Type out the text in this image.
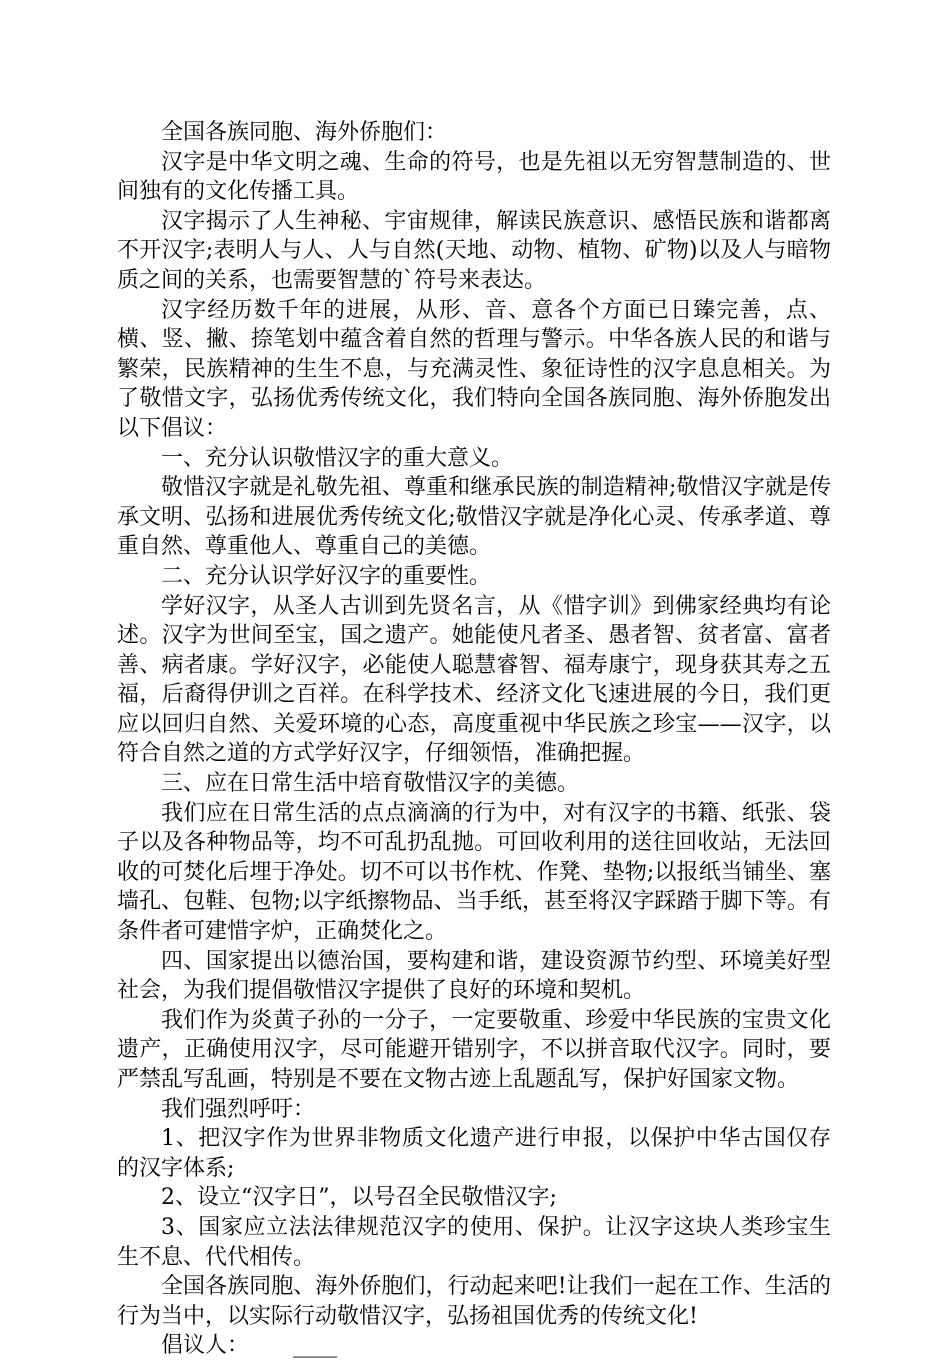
全国各族同胞、海外侨胞们：

汉字是中华文明之魂、生命的符号，也是先祖以无穷智慧制造的、世间独有的文化传播工具。

汉字揭示了人生神秘、宇宙规律，解读民族意识、感悟民族和谐都离不开汉字;表明人与人、人与自然(天地、动物、植物、矿物)以及人与暗物质之间的关系，也需要智慧的`符号来表达。

汉字经历数千年的进展，从形、音、意各个方面已日臻完善，点、横、竖、撇、捺笔划中蕴含着自然的哲理与警示。中华各族人民的和谐与繁荣，民族精神的生生不息，与充满灵性、象征诗性的汉字息息相关。为了敬惜文字，弘扬优秀传统文化，我们特向全国各族同胞、海外侨胞发出以下倡议：

一、充分认识敬惜汉字的重大意义。

敬惜汉字就是礼敬先祖、尊重和继承民族的制造精神;敬惜汉字就是传承文明、弘扬和进展优秀传统文化;敬惜汉字就是净化心灵、传承孝道、尊重自然、尊重他人、尊重自己的美德。

二、充分认识学好汉字的重要性。

学好汉字，从圣人古训到先贤名言，从《惜字训》到佛家经典均有论述。汉字为世间至宝，国之遗产。她能使凡者圣、愚者智、贫者富、富者善、病者康。学好汉字，必能使人聪慧睿智、福寿康宁，现身获其寿之五福，后裔得伊训之百祥。在科学技术、经济文化飞速进展的今日，我们更应以回归自然、关爱环境的心态，高度重视中华民族之珍宝——汉字，以符合自然之道的方式学好汉字，仔细领悟，准确把握。

三、应在日常生活中培育敬惜汉字的美德。

我们应在日常生活的点点滴滴的行为中，对有汉字的书籍、纸张、袋子以及各种物品等，均不可乱扔乱抛。可回收利用的送往回收站，无法回收的可焚化后埋于净处。切不可以书作枕、作凳、垫物;以报纸当铺坐、塞墙孔、包鞋、包物;以字纸擦物品、当手纸，甚至将汉字踩踏于脚下等。有条件者可建惜字炉，正确焚化之。

四、国家提出以德治国，要构建和谐，建设资源节约型、环境美好型社会，为我们提倡敬惜汉字提供了良好的环境和契机。

我们作为炎黄子孙的一分子，一定要敬重、珍爱中华民族的宝贵文化遗产，正确使用汉字，尽可能避开错别字，不以拼音取代汉字。同时，要严禁乱写乱画，特别是不要在文物古迹上乱题乱写，保护好国家文物。

我们强烈呼吁：

1、把汉字作为世界非物质文化遗产进行申报，以保护中华古国仅存的汉字体系;

2、设立“汉字日”，以号召全民敬惜汉字;

3、国家应立法法律规范汉字的使用、保护。让汉字这块人类珍宝生生不息、代代相传。

全国各族同胞、海外侨胞们，行动起来吧!让我们一起在工作、生活的行为当中，以实际行动敬惜汉字，弘扬祖国优秀的传统文化!

倡议人： ____
